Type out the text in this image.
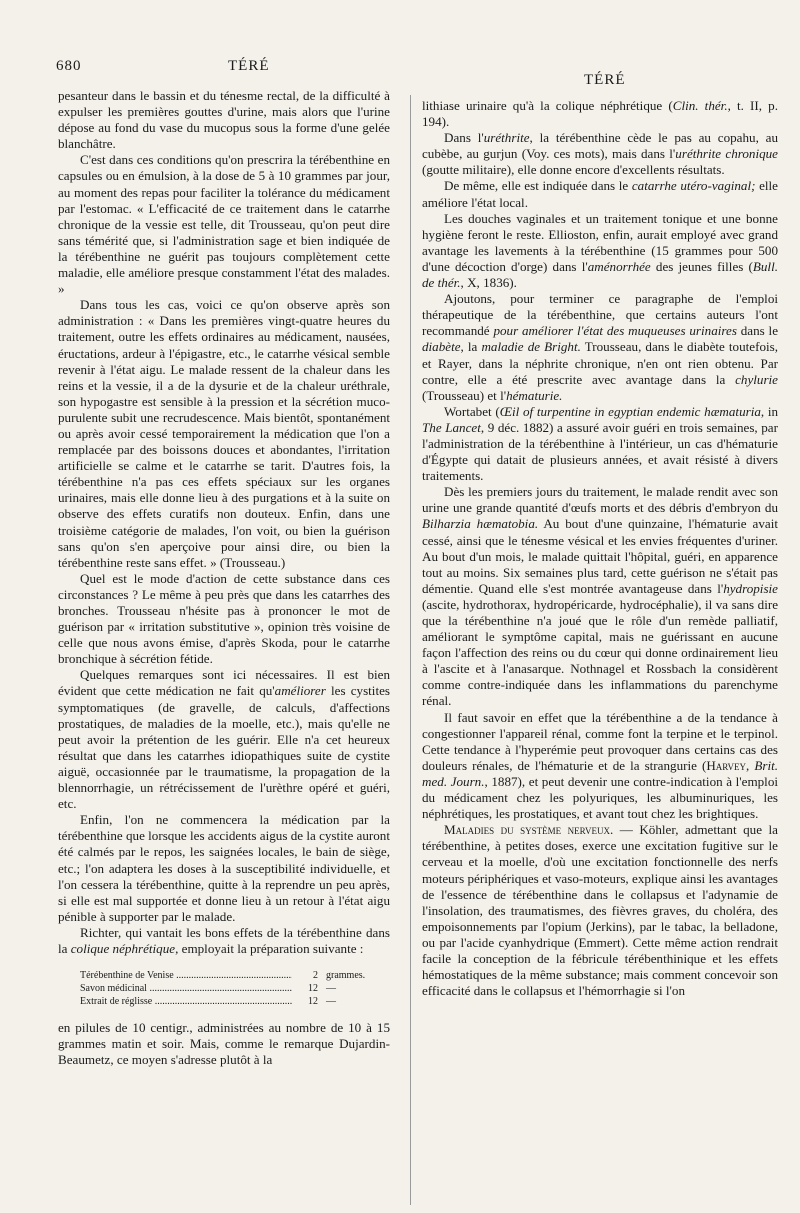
680	TÉRÉ
TÉRÉ

pesanteur dans le bassin et du ténesme rectal, de la difficulté à expulser les premières gouttes d'urine, mais alors que l'urine dépose au fond du vase du mucopus sous la forme d'une gelée blanchâtre.

C'est dans ces conditions qu'on prescrira la térébenthine en capsules ou en émulsion, à la dose de 5 à 10 grammes par jour, au moment des repas pour faciliter la tolérance du médicament par l'estomac. « L'efficacité de ce traitement dans le catarrhe chronique de la vessie est telle, dit Trousseau, qu'on peut dire sans témérité que, si l'administration sage et bien indiquée de la térébenthine ne guérit pas toujours complètement cette maladie, elle améliore presque constamment l'état des malades. »

Dans tous les cas, voici ce qu'on observe après son administration : « Dans les premières vingt-quatre heures du traitement, outre les effets ordinaires au médicament, nausées, éructations, ardeur à l'épigastre, etc., le catarrhe vésical semble revenir à l'état aigu. Le malade ressent de la chaleur dans les reins et la vessie, il a de la dysurie et de la chaleur uréthrale, son hypogastre est sensible à la pression et la sécrétion muco-purulente subit une recrudescence. Mais bientôt, spontanément ou après avoir cessé temporairement la médication que l'on a remplacée par des boissons douces et abondantes, l'irritation artificielle se calme et le catarrhe se tarit. D'autres fois, la térébenthine n'a pas ces effets spéciaux sur les organes urinaires, mais elle donne lieu à des purgations et à la suite on observe des effets curatifs non douteux. Enfin, dans une troisième catégorie de malades, l'on voit, ou bien la guérison sans qu'on s'en aperçoive pour ainsi dire, ou bien la térébenthine reste sans effet. » (Trousseau.)

Quel est le mode d'action de cette substance dans ces circonstances ? Le même à peu près que dans les catarrhes des bronches. Trousseau n'hésite pas à prononcer le mot de guérison par « irritation substitutive », opinion très voisine de celle que nous avons émise, d'après Skoda, pour le catarrhe bronchique à sécrétion fétide.

Quelques remarques sont ici nécessaires. Il est bien évident que cette médication ne fait qu'améliorer les cystites symptomatiques (de gravelle, de calculs, d'affections prostatiques, de maladies de la moelle, etc.), mais qu'elle ne peut avoir la prétention de les guérir. Elle n'a cet heureux résultat que dans les catarrhes idiopathiques suite de cystite aiguë, occasionnée par le traumatisme, la propagation de la blennorrhagie, un rétrécissement de l'urèthre opéré et guéri, etc.

Enfin, l'on ne commencera la médication par la térébenthine que lorsque les accidents aigus de la cystite auront été calmés par le repos, les saignées locales, le bain de siège, etc.; l'on adaptera les doses à la susceptibilité individuelle, et l'on cessera la térébenthine, quitte à la reprendre un peu après, si elle est mal supportée et donne lieu à un retour à l'état aigu pénible à supporter par le malade.

Richter, qui vantait les bons effets de la térébenthine dans la colique néphrétique, employait la préparation suivante :

Térébenthine de Venise .....	2 grammes.
Savon médicinal .....	12 —
Extrait de réglisse .....	12 —

en pilules de 10 centigr., administrées au nombre de 10 à 15 grammes matin et soir. Mais, comme le remarque Dujardin-Beaumetz, ce moyen s'adresse plutôt à la

lithiase urinaire qu'à la colique néphrétique (Clin. thér., t. II, p. 194).

Dans l'uréthrite, la térébenthine cède le pas au copahu, au cubèbe, au gurjun (Voy. ces mots), mais dans l'uréthrite chronique (goutte militaire), elle donne encore d'excellents résultats.

De même, elle est indiquée dans le catarrhe utéro-vaginal; elle améliore l'état local.

Les douches vaginales et un traitement tonique et une bonne hygiène feront le reste. Ellioston, enfin, aurait employé avec grand avantage les lavements à la térébenthine (15 grammes pour 500 d'une décoction d'orge) dans l'aménorrhée des jeunes filles (Bull. de thér., X, 1836).

Ajoutons, pour terminer ce paragraphe de l'emploi thérapeutique de la térébenthine, que certains auteurs l'ont recommandé pour améliorer l'état des muqueuses urinaires dans le diabète, la maladie de Bright. Trousseau, dans le diabète toutefois, et Rayer, dans la néphrite chronique, n'en ont rien obtenu. Par contre, elle a été prescrite avec avantage dans la chylurie (Trousseau) et l'hématurie.

Wortabet (Œil of turpentine in egyptian endemic hæmaturia, in The Lancet, 9 déc. 1882) a assuré avoir guéri en trois semaines, par l'administration de la térébenthine à l'intérieur, un cas d'hématurie d'Égypte qui datait de plusieurs années, et avait résisté à divers traitements.

Dès les premiers jours du traitement, le malade rendit avec son urine une grande quantité d'œufs morts et des débris d'embryon du Bilharzia hæmatobia. Au bout d'une quinzaine, l'hématurie avait cessé, ainsi que le ténesme vésical et les envies fréquentes d'uriner. Au bout d'un mois, le malade quittait l'hôpital, guéri, en apparence tout au moins. Six semaines plus tard, cette guérison ne s'était pas démentie. Quand elle s'est montrée avantageuse dans l'hydropisie (ascite, hydrothorax, hydropéricarde, hydrocéphalie), il va sans dire que la térébenthine n'a joué que le rôle d'un remède palliatif, améliorant le symptôme capital, mais ne guérissant en aucune façon l'affection des reins ou du cœur qui donne ordinairement lieu à l'ascite et à l'anasarque. Nothnagel et Rossbach la considèrent comme contre-indiquée dans les inflammations du parenchyme rénal.

Il faut savoir en effet que la térébenthine a de la tendance à congestionner l'appareil rénal, comme font la terpine et le terpinol. Cette tendance à l'hyperémie peut provoquer dans certains cas des douleurs rénales, de l'hématurie et de la strangurie (Harvey, Brit. med. Journ., 1887), et peut devenir une contre-indication à l'emploi du médicament chez les polyuriques, les albuminuriques, les néphrétiques, les prostatiques, et avant tout chez les brightiques.

Maladies du système nerveux. — Köhler, admettant que la térébenthine, à petites doses, exerce une excitation fugitive sur le cerveau et la moelle, d'où une excitation fonctionnelle des nerfs moteurs périphériques et vaso-moteurs, explique ainsi les avantages de l'essence de térébenthine dans le collapsus et l'adynamie de l'insolation, des traumatismes, des fièvres graves, du choléra, des empoisonnements par l'opium (Jerkins), par le tabac, la belladone, ou par l'acide cyanhydrique (Emmert). Cette même action rendrait facile la conception de la fébricule térébenthinique et les effets hémostatiques de la même substance; mais comment concevoir son efficacité dans le collapsus et l'hémorrhagie si l'on
